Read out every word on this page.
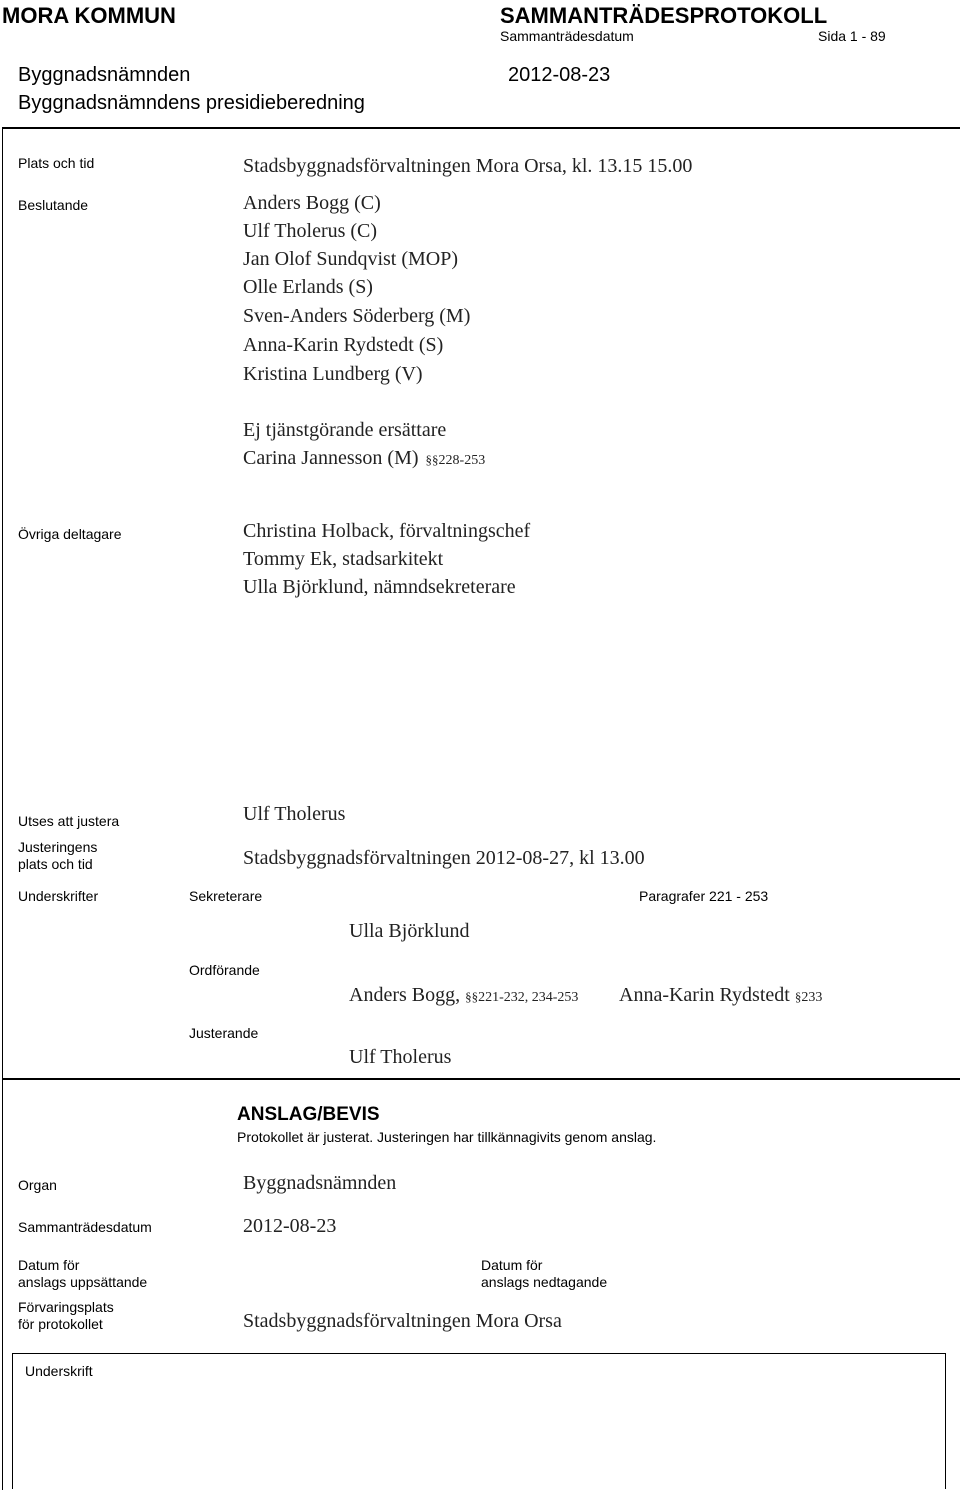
MORA KOMMUN	SAMMANTRÄDESPROTOKOLL
Sammanträdesdatum	Sida 1 - 89
Byggnadsnämnden	2012-08-23
Byggnadsnämndens presidieberedning
Plats och tid	Stadsbyggnadsförvaltningen Mora Orsa, kl. 13.15 15.00
Beslutande	Anders Bogg (C)
Ulf Tholerus (C)
Jan Olof Sundqvist (MOP)
Olle Erlands (S)
Sven-Anders Söderberg (M)
Anna-Karin Rydstedt (S)
Kristina Lundberg (V)
Ej tjänstgörande ersättare
Carina Jannesson (M) §§228-253
Övriga deltagare	Christina Holback, förvaltningschef
Tommy Ek, stadsarkitekt
Ulla Björklund, nämndsekreterare
Utses att justera	Ulf Tholerus
Justeringens
plats och tid	Stadsbyggnadsförvaltningen 2012-08-27, kl 13.00
Underskrifter	Sekreterare	Paragrafer 221 - 253
Ulla Björklund
Ordförande
Anders Bogg, §§221-232, 234-253 Anna-Karin Rydstedt §233
Justerande
Ulf Tholerus
ANSLAG/BEVIS
Protokollet är justerat. Justeringen har tillkännagivits genom anslag.
Organ	Byggnadsnämnden
Sammanträdesdatum	2012-08-23
Datum för
anslags uppsättande
Datum för
anslags nedtagande
Förvaringsplats
för protokollet	Stadsbyggnadsförvaltningen Mora Orsa
Underskrift
